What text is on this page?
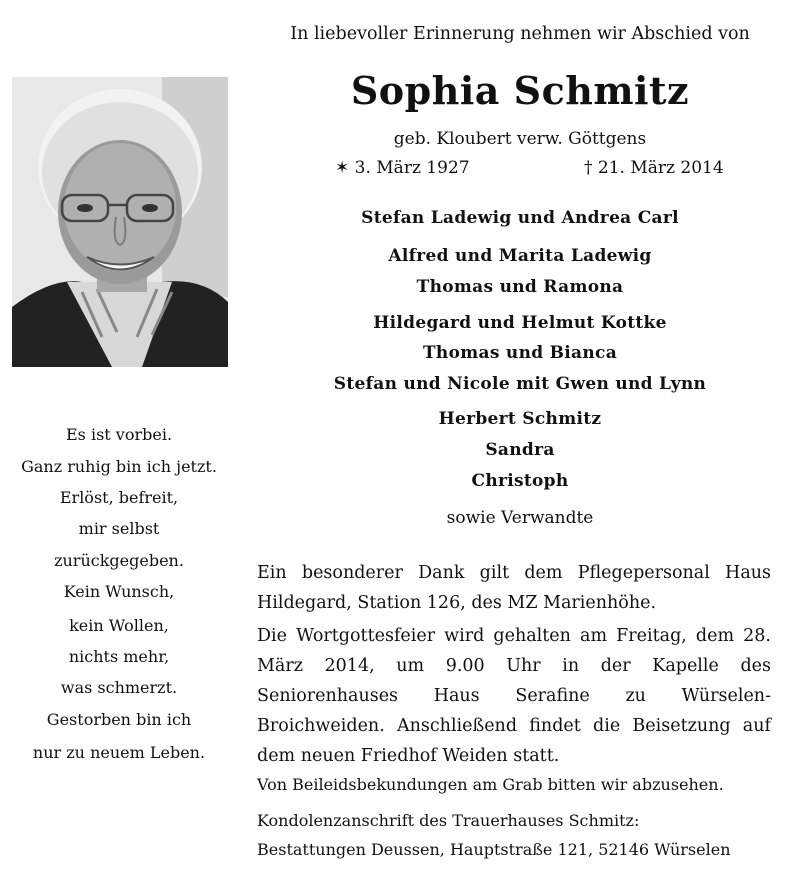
In liebevoller Erinnerung nehmen wir Abschied von
Sophia Schmitz
geb. Kloubert verw. Göttgens
✶ 3. März 1927	† 21. März 2014
Stefan Ladewig und Andrea Carl
Alfred und Marita Ladewig
Thomas und Ramona
Hildegard und Helmut Kottke
Thomas und Bianca
Stefan und Nicole mit Gwen und Lynn
Herbert Schmitz
Sandra
Christoph
sowie Verwandte
Es ist vorbei.
Ganz ruhig bin ich jetzt.
Erlöst, befreit,
mir selbst
zurückgegeben.
Kein Wunsch,
kein Wollen,
nichts mehr,
was schmerzt.
Gestorben bin ich
nur zu neuem Leben.
Ein besonderer Dank gilt dem Pflegepersonal Haus Hildegard, Station 126, des MZ Marienhöhe.
Die Wortgottesfeier wird gehalten am Freitag, dem 28. März 2014, um 9.00 Uhr in der Kapelle des Seniorenhauses Haus Serafine zu Würselen-Broichweiden. Anschließend findet die Beisetzung auf dem neuen Friedhof Weiden statt.
Von Beileidsbekundungen am Grab bitten wir abzusehen.
Kondolenzanschrift des Trauerhauses Schmitz:
Bestattungen Deussen, Hauptstraße 121, 52146 Würselen
